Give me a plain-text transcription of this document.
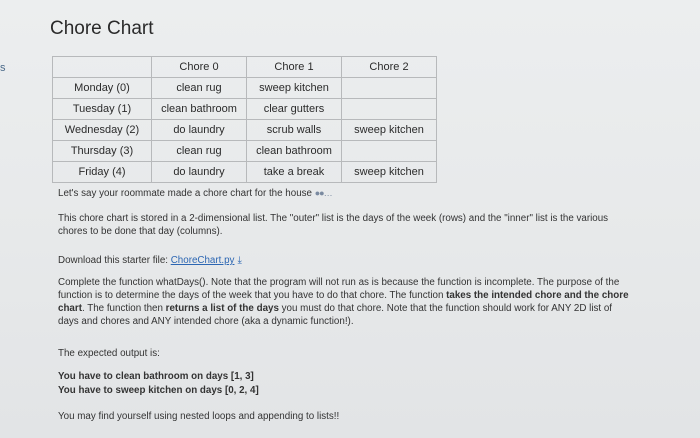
s
Chore Chart
	Chore 0	Chore 1	Chore 2
Monday (0)	clean rug	sweep kitchen	
Tuesday (1)	clean bathroom	clear gutters	
Wednesday (2)	do laundry	scrub walls	sweep kitchen
Thursday (3)	clean rug	clean bathroom	
Friday (4)	do laundry	take a break	sweep kitchen
Let's say your roommate made a chore chart for the house ●●…
This chore chart is stored in a 2-dimensional list. The "outer" list is the days of the week (rows) and the "inner" list is the various chores to be done that day (columns).
Download this starter file: ChoreChart.py ⤓
Complete the function whatDays(). Note that the program will not run as is because the function is incomplete. The purpose of the function is to determine the days of the week that you have to do that chore. The function takes the intended chore and the chore chart. The function then returns a list of the days you must do that chore. Note that the function should work for ANY 2D list of days and chores and ANY intended chore (aka a dynamic function!).
The expected output is:
You have to clean bathroom on days [1, 3]
You have to sweep kitchen on days [0, 2, 4]
You may find yourself using nested loops and appending to lists!!
